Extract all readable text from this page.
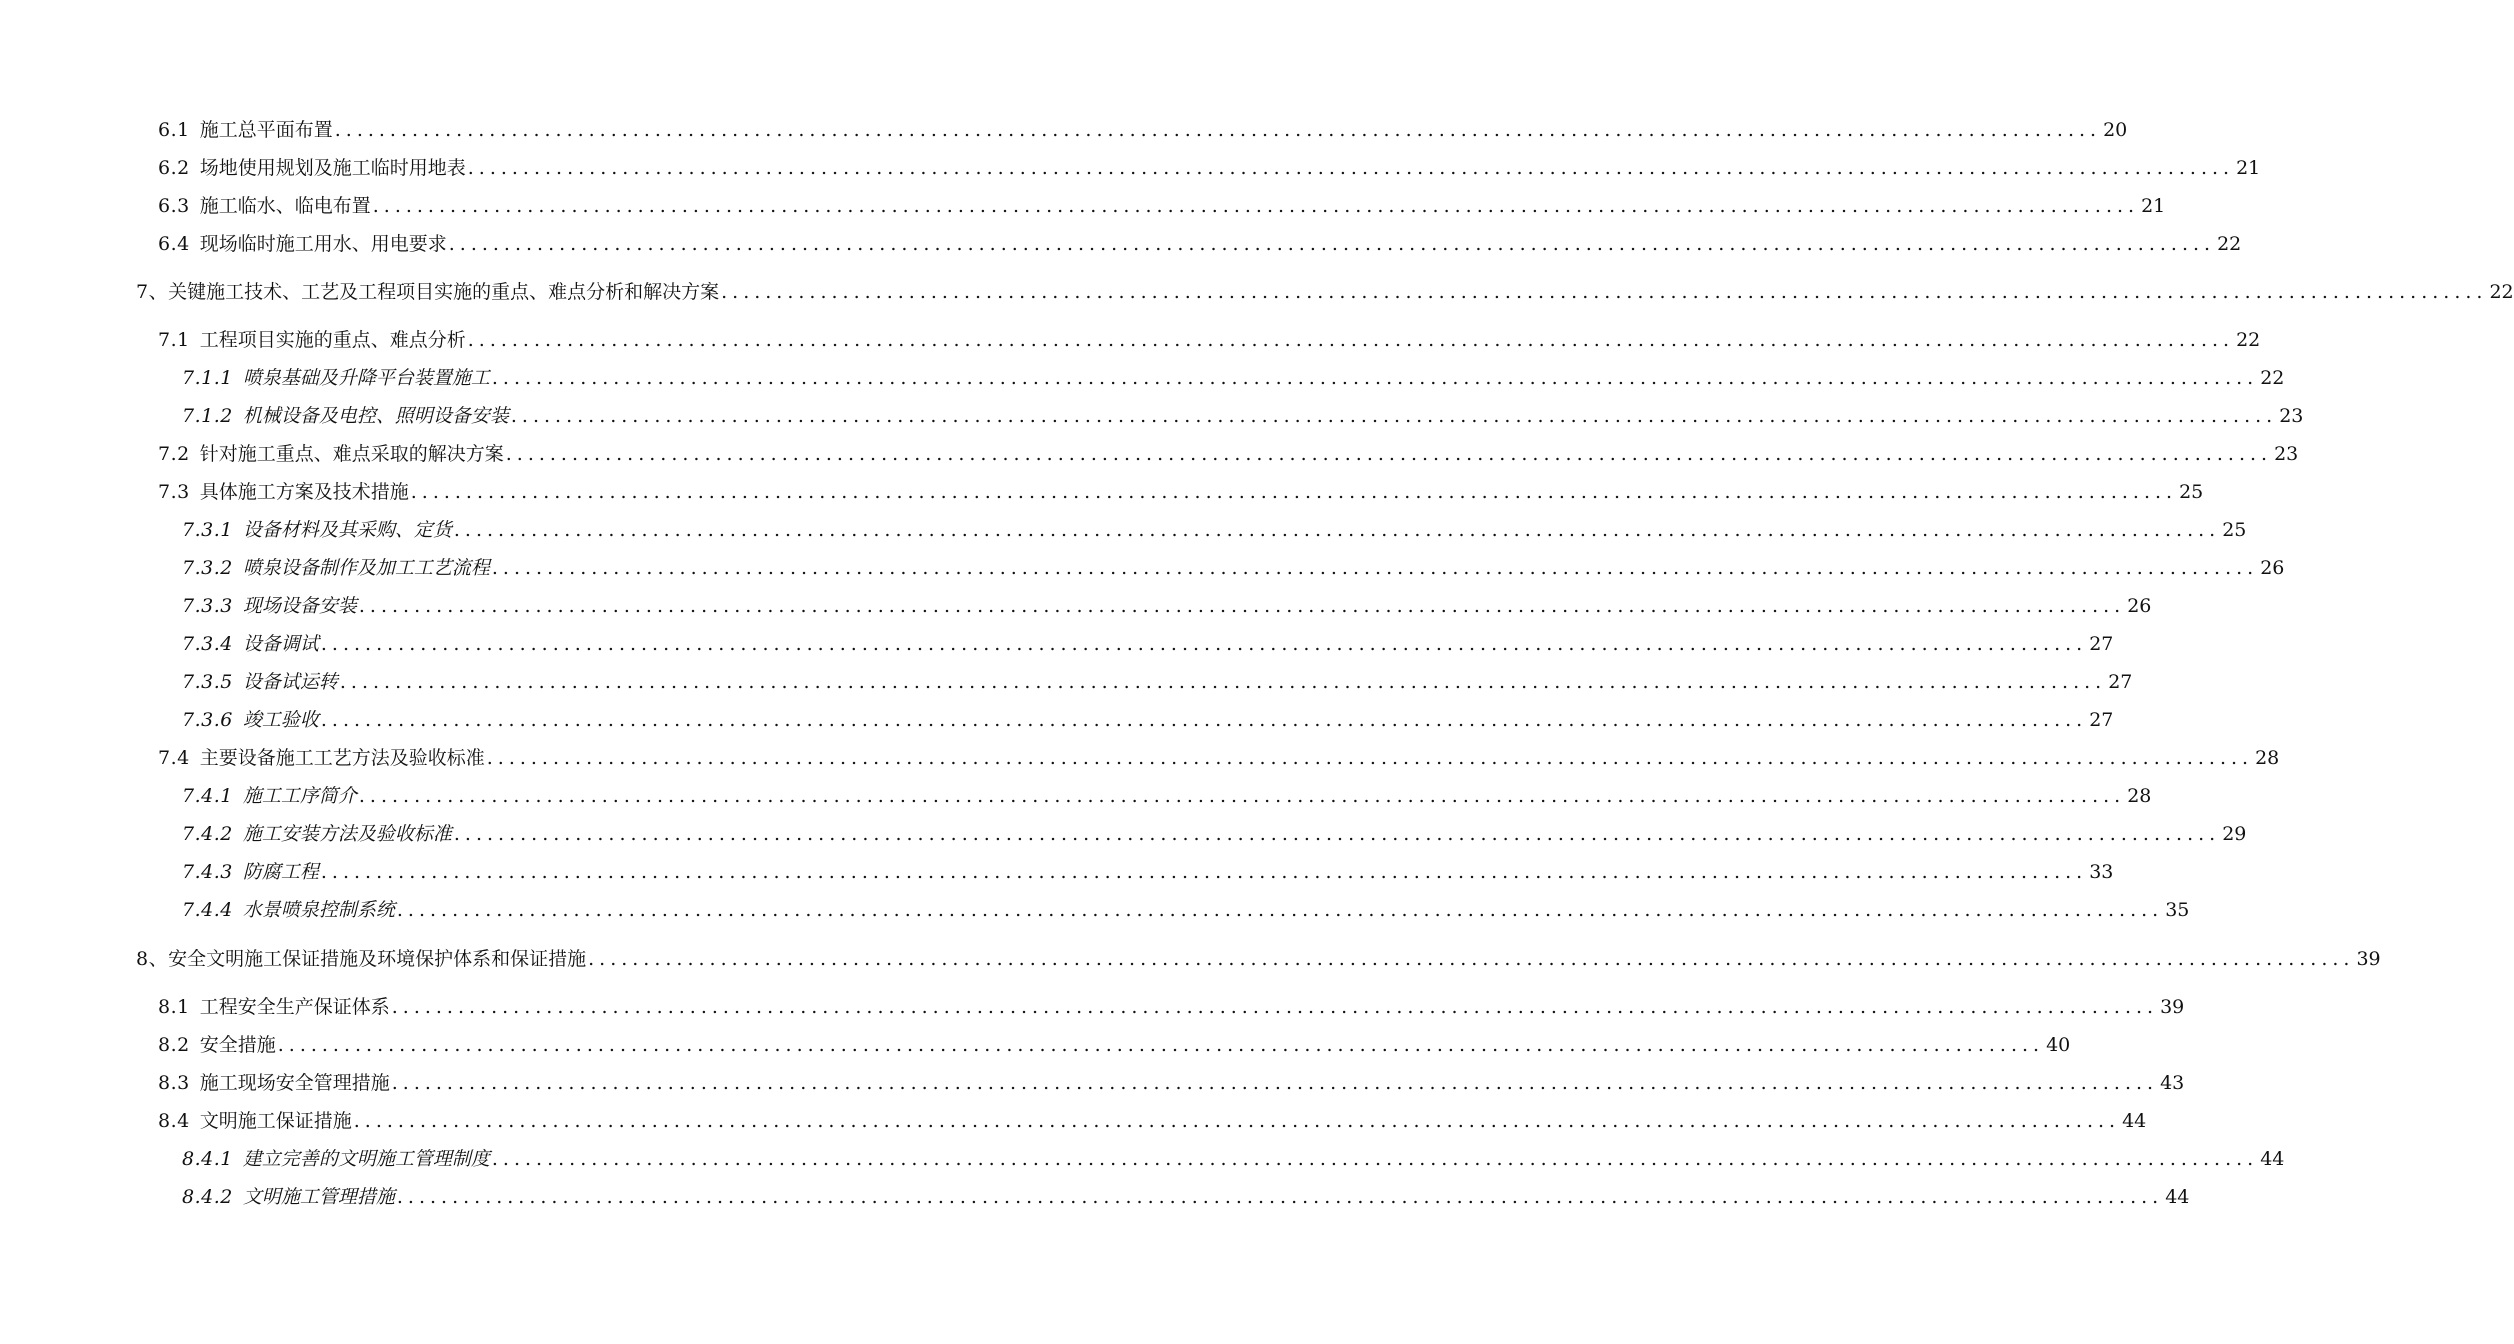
6.1 施工总平面布置 ................................................................................................................................................................ 20
6.2 场地使用规划及施工临时用地表 ................................................................................................................................................................ 21
6.3 施工临水、临电布置 ................................................................................................................................................................ 21
6.4 现场临时施工用水、用电要求 ................................................................................................................................................................ 22
7、 关键施工技术、工艺及工程项目实施的重点、难点分析和解决方案 ................................................................................................................................................................ 22
7.1 工程项目实施的重点、难点分析 ................................................................................................................................................................ 22
7.1.1 喷泉基础及升降平台装置施工 ................................................................................................................................................................ 22
7.1.2 机械设备及电控、照明设备安装 ................................................................................................................................................................ 23
7.2 针对施工重点、难点采取的解决方案 ................................................................................................................................................................ 23
7.3 具体施工方案及技术措施 ................................................................................................................................................................ 25
7.3.1 设备材料及其采购、定货 ................................................................................................................................................................ 25
7.3.2 喷泉设备制作及加工工艺流程 ................................................................................................................................................................ 26
7.3.3 现场设备安装 ................................................................................................................................................................ 26
7.3.4 设备调试 ................................................................................................................................................................ 27
7.3.5 设备试运转 ................................................................................................................................................................ 27
7.3.6 竣工验收 ................................................................................................................................................................ 27
7.4 主要设备施工工艺方法及验收标准 ................................................................................................................................................................ 28
7.4.1 施工工序简介 ................................................................................................................................................................ 28
7.4.2 施工安装方法及验收标准 ................................................................................................................................................................ 29
7.4.3 防腐工程 ................................................................................................................................................................ 33
7.4.4 水景喷泉控制系统 ................................................................................................................................................................ 35
8、 安全文明施工保证措施及环境保护体系和保证措施 ................................................................................................................................................................ 39
8.1 工程安全生产保证体系 ................................................................................................................................................................ 39
8.2 安全措施 ................................................................................................................................................................ 40
8.3 施工现场安全管理措施 ................................................................................................................................................................ 43
8.4 文明施工保证措施 ................................................................................................................................................................ 44
8.4.1 建立完善的文明施工管理制度 ................................................................................................................................................................ 44
8.4.2 文明施工管理措施 ................................................................................................................................................................ 44
